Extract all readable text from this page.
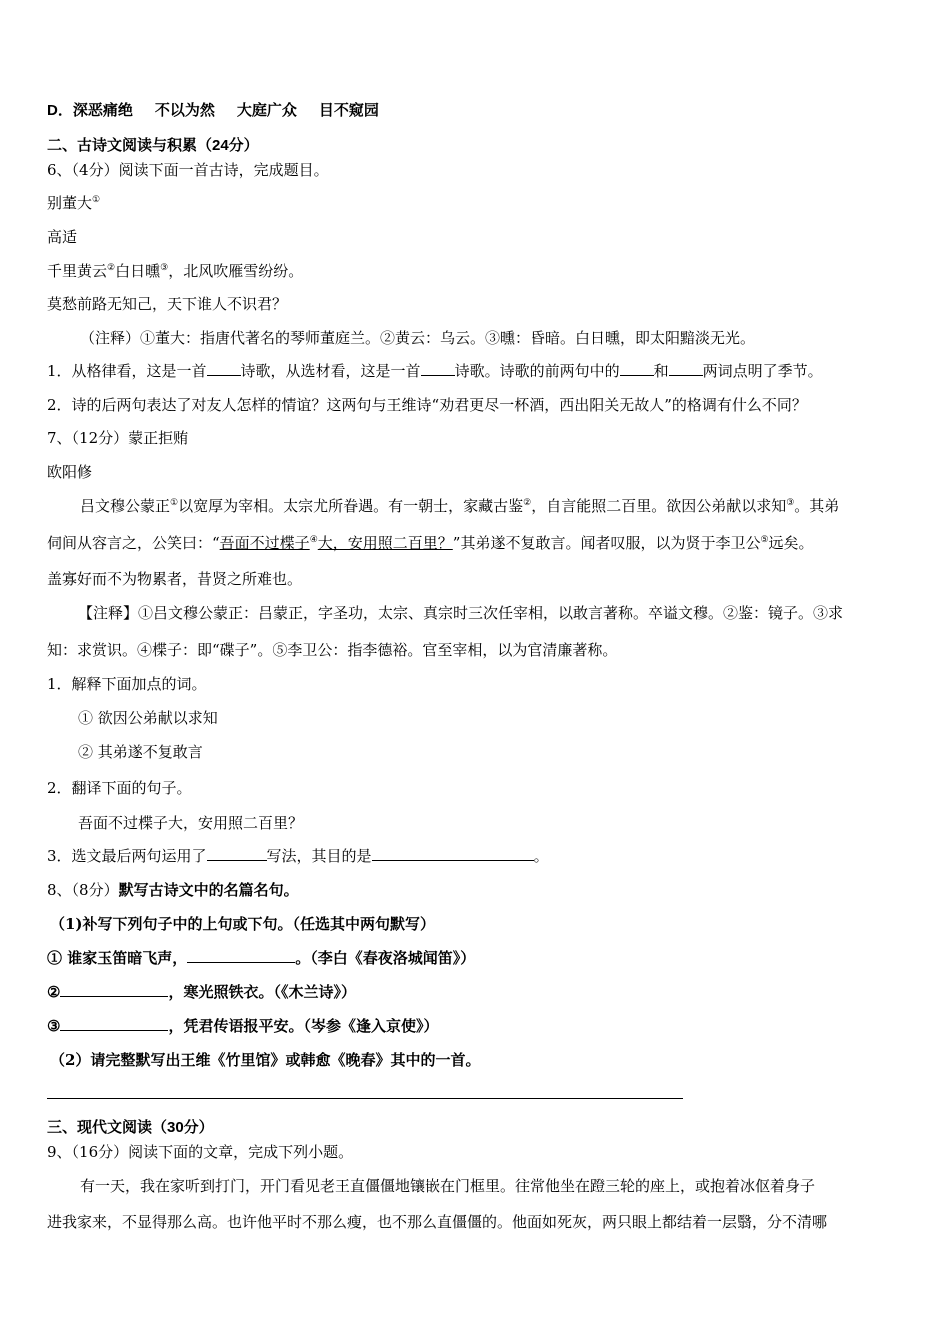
D．深恶痛绝 不以为然 大庭广众 目不窥园
二、古诗文阅读与积累（24分）
6、（4分）阅读下面一首古诗，完成题目。
别董大①
高适
千里黄云②白日曛③，北风吹雁雪纷纷。
莫愁前路无知己，天下谁人不识君？
（注释）①董大：指唐代著名的琴师董庭兰。②黄云：乌云。③曛：昏暗。白日曛，即太阳黯淡无光。
1．从格律看，这是一首 诗歌，从选材看，这是一首 诗歌。诗歌的前两句中的 和 两词点明了季节。
2．诗的后两句表达了对友人怎样的情谊？这两句与王维诗“劝君更尽一杯酒，西出阳关无故人”的格调有什么不同？
7、（12分）蒙正拒贿
欧阳修
吕文穆公蒙正①以宽厚为宰相。太宗尤所眷遇。有一朝士，家藏古鉴②，自言能照二百里。欲因公弟献以求知③。其弟
伺间从容言之，公笑曰：“吾面不过楪子④大，安用照二百里？”其弟遂不复敢言。闻者叹服，以为贤于李卫公⑤远矣。
盖寡好而不为物累者，昔贤之所难也。
【注释】①吕文穆公蒙正：吕蒙正，字圣功，太宗、真宗时三次任宰相，以敢言著称。卒谥文穆。②鉴：镜子。③求
知：求赏识。④楪子：即“碟子”。⑤李卫公：指李德裕。官至宰相，以为官清廉著称。
1．解释下面加点的词。
① 欲因公弟献以求知
② 其弟遂不复敢言
2．翻译下面的句子。
吾面不过楪子大，安用照二百里？
3．选文最后两句运用了	写法，其目的是	。
8、（8分）默写古诗文中的名篇名句。
（1)补写下列句子中的上句或下句。（任选其中两句默写）
① 谁家玉笛暗飞声，	。（李白《春夜洛城闻笛》）
②	，寒光照铁衣。（《木兰诗》）
③	，凭君传语报平安。（岑参《逢入京使》）
（2）请完整默写出王维《竹里馆》或韩愈《晚春》其中的一首。
三、现代文阅读（30分）
9、（16分）阅读下面的文章，完成下列小题。
有一天，我在家听到打门，开门看见老王直僵僵地镶嵌在门框里。往常他坐在蹬三轮的座上，或抱着冰伛着身子
进我家来，不显得那么高。也许他平时不那么瘦，也不那么直僵僵的。他面如死灰，两只眼上都结着一层翳，分不清哪
